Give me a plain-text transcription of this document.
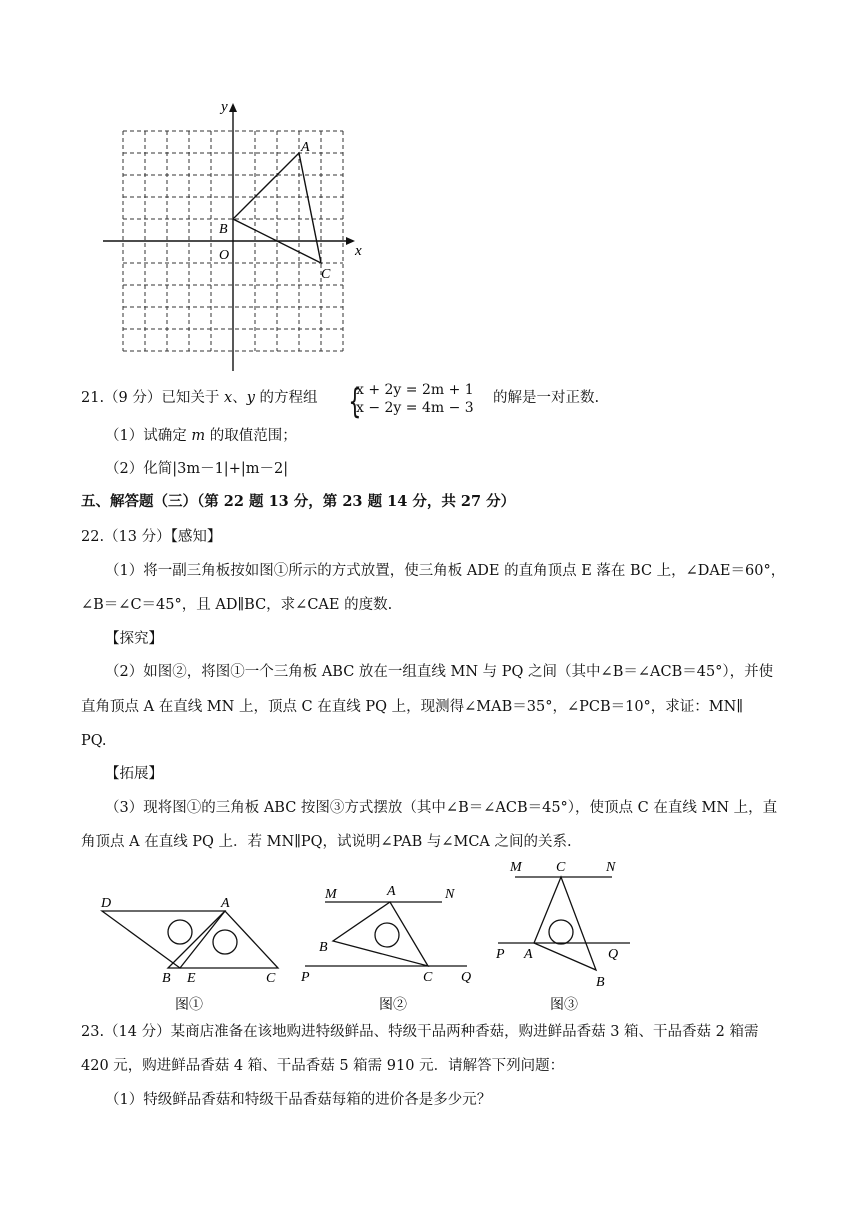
x
y
O
A
B
C
21.（9 分）已知关于 x、y 的方程组 {
x + 2y = 2m + 1
x − 2y = 4m − 3
的解是一对正数.
（1）试确定 m 的取值范围；
（2）化简|3m－1|+|m－2|
五、解答题（三）（第 22 题 13 分，第 23 题 14 分，共 27 分）
22.（13 分）【感知】
（1）将一副三角板按如图①所示的方式放置，使三角板 ADE 的直角顶点 E 落在 BC 上，∠DAE＝60°，
∠B＝∠C＝45°，且 AD∥BC，求∠CAE 的度数.
【探究】
（2）如图②，将图①一个三角板 ABC 放在一组直线 MN 与 PQ 之间（其中∠B＝∠ACB＝45°），并使
直角顶点 A 在直线 MN 上，顶点 C 在直线 PQ 上，现测得∠MAB＝35°，∠PCB＝10°，求证：MN∥
PQ.
【拓展】
（3）现将图①的三角板 ABC 按图③方式摆放（其中∠B＝∠ACB＝45°），使顶点 C 在直线 MN 上，直
角顶点 A 在直线 PQ 上．若 MN∥PQ，试说明∠PAB 与∠MCA 之间的关系.
D	A
B E	C
图①
M	A	N
B
P	C Q
图②
M C	N
P A	Q
B
图③
23.（14 分）某商店准备在该地购进特级鲜品、特级干品两种香菇，购进鲜品香菇 3 箱、干品香菇 2 箱需
420 元，购进鲜品香菇 4 箱、干品香菇 5 箱需 910 元．请解答下列问题：
（1）特级鲜品香菇和特级干品香菇每箱的进价各是多少元？
